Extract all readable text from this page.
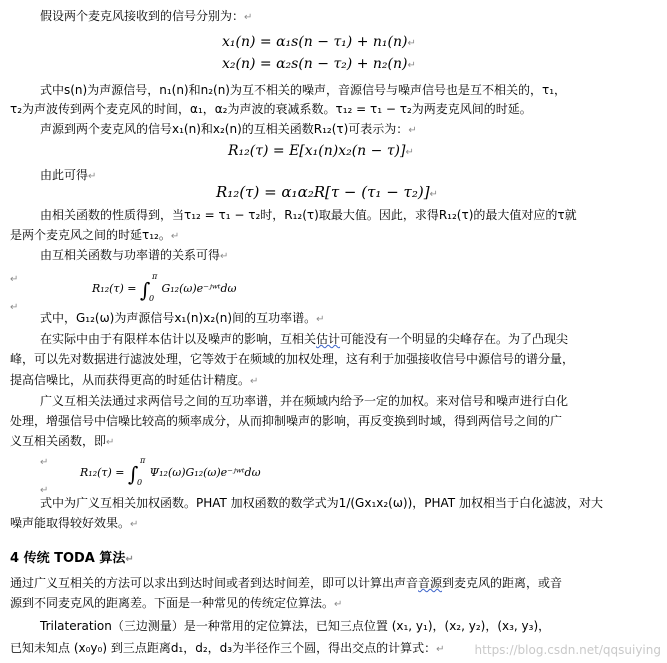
假设两个麦克风接收到的信号分别为：↵
x₁(n) = α₁s(n − τ₁) + n₁(n)↵
x₂(n) = α₂s(n − τ₂) + n₂(n)↵
式中s(n)为声源信号，n₁(n)和n₂(n)为互不相关的噪声，音源信号与噪声信号也是互不相关的，τ₁，
τ₂为声波传到两个麦克风的时间，α₁，α₂为声波的衰减系数。τ₁₂ = τ₁ − τ₂为两麦克风间的时延。
声源到两个麦克风的信号x₁(n)和x₂(n)的互相关函数R₁₂(τ)可表示为：↵
R₁₂(τ) = E[x₁(n)x₂(n − τ)]↵
由此可得↵
R₁₂(τ) = α₁α₂R[τ − (τ₁ − τ₂)]↵
由相关函数的性质得到，当τ₁₂ = τ₁ − τ₂时，R₁₂(τ)取最大值。因此，求得R₁₂(τ)的最大值对应的τ就
是两个麦克风之间的时延τ₁₂。↵
由互相关函数与功率谱的关系可得↵
↵
R₁₂(τ) = ∫
π
0
G₁₂(ω)e⁻ʲʷᵗdω
↵
式中，G₁₂(ω)为声源信号x₁(n)x₂(n)间的互功率谱。↵
在实际中由于有限样本估计以及噪声的影响，互相关估计可能没有一个明显的尖峰存在。为了凸现尖
峰，可以先对数据进行滤波处理，它等效于在频域的加权处理，这有利于加强接收信号中源信号的谱分量，
提高信噪比，从而获得更高的时延估计精度。↵
广义互相关法通过求两信号之间的互功率谱，并在频域内给予一定的加权。来对信号和噪声进行白化
处理，增强信号中信噪比较高的频率成分，从而抑制噪声的影响，再反变换到时域，得到两信号之间的广
义互相关函数，即↵
↵
R₁₂(τ) = ∫
π
0
Ψ₁₂(ω)G₁₂(ω)e⁻ʲʷᵗdω
↵
式中为广义互相关加权函数。PHAT 加权函数的数学式为1/(Gx₁x₂(ω))，PHAT 加权相当于白化滤波，对大
噪声能取得较好效果。↵
4 传统 TODA 算法↵
通过广义互相关的方法可以求出到达时间或者到达时间差，即可以计算出声音音源到麦克风的距离，或音
源到不同麦克风的距离差。下面是一种常见的传统定位算法。↵
Trilateration（三边测量）是一种常用的定位算法，已知三点位置 (x₁, y₁)，(x₂, y₂)，(x₃, y₃)，
已知未知点 (x₀y₀) 到三点距离d₁，d₂，d₃为半径作三个圆，得出交点的计算式：↵	https://blog.csdn.net/qqsuiying
